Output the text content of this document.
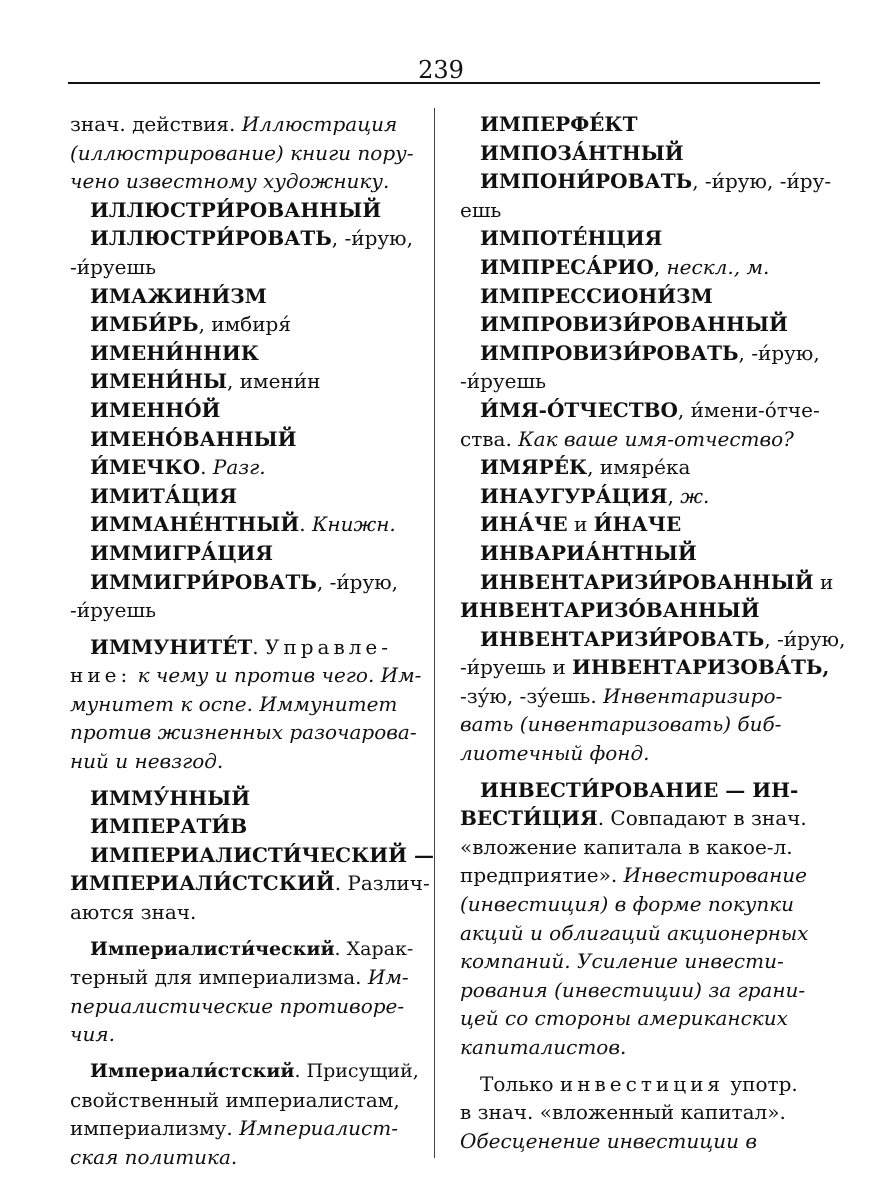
239
знач. действия. Иллюстрация
(иллюстрирование) книги пору-
чено известному художнику.
ИЛЛЮСТРИ́РОВАННЫЙ
ИЛЛЮСТРИ́РОВАТЬ, -и́рую,
-и́руешь
ИМАЖИНИ́ЗМ
ИМБИ́РЬ, имбиря́
ИМЕНИ́ННИК
ИМЕНИ́НЫ, имени́н
ИМЕННО́Й
ИМЕНО́ВАННЫЙ
И́МЕЧКО. Разг.
ИМИТА́ЦИЯ
ИММАНЕ́НТНЫЙ. Книжн.
ИММИГРА́ЦИЯ
ИММИГРИ́РОВАТЬ, -и́рую,
-и́руешь
ИММУНИТЕ́Т. Управле-
ние: к чему и против чего. Им-
мунитет к оспе. Иммунитет
против жизненных разочарова-
ний и невзгод.
ИММУ́ННЫЙ
ИМПЕРАТИ́В
ИМПЕРИАЛИСТИ́ЧЕСКИЙ —
ИМПЕРИАЛИ́СТСКИЙ. Различ-
аются знач.
Империалисти́ческий. Харак-
терный для империализма. Им-
периалистические противоре-
чия.
Империали́стский. Присущий,
свойственный империалистам,
империализму. Империалист-
ская политика.
ИМПЕРФЕ́КТ
ИМПОЗА́НТНЫЙ
ИМПОНИ́РОВАТЬ, -и́рую, -и́ру-
ешь
ИМПОТЕ́НЦИЯ
ИМПРЕСА́РИО, нескл., м.
ИМПРЕССИОНИ́ЗМ
ИМПРОВИЗИ́РОВАННЫЙ
ИМПРОВИЗИ́РОВАТЬ, -и́рую,
-и́руешь
И́МЯ-О́ТЧЕСТВО, и́мени-о́тче-
ства. Как ваше имя-отчество?
ИМЯРЕ́К, имяре́ка
ИНАУГУРА́ЦИЯ, ж.
ИНА́ЧЕ и И́НАЧЕ
ИНВАРИА́НТНЫЙ
ИНВЕНТАРИЗИ́РОВАННЫЙ и
ИНВЕНТАРИЗО́ВАННЫЙ
ИНВЕНТАРИЗИ́РОВАТЬ, -и́рую,
-и́руешь и ИНВЕНТАРИЗОВА́ТЬ,
-зу́ю, -зу́ешь. Инвентаризиро-
вать (инвентаризовать) биб-
лиотечный фонд.
ИНВЕСТИ́РОВАНИЕ — ИН-
ВЕСТИ́ЦИЯ. Совпадают в знач.
«вложение капитала в какое-л.
предприятие». Инвестирование
(инвестиция) в форме покупки
акций и облигаций акционерных
компаний. Усиление инвести-
рования (инвестиции) за грани-
цей со стороны американских
капиталистов.
Только инвестиция употр.
в знач. «вложенный капитал».
Обесценение инвестиции в
